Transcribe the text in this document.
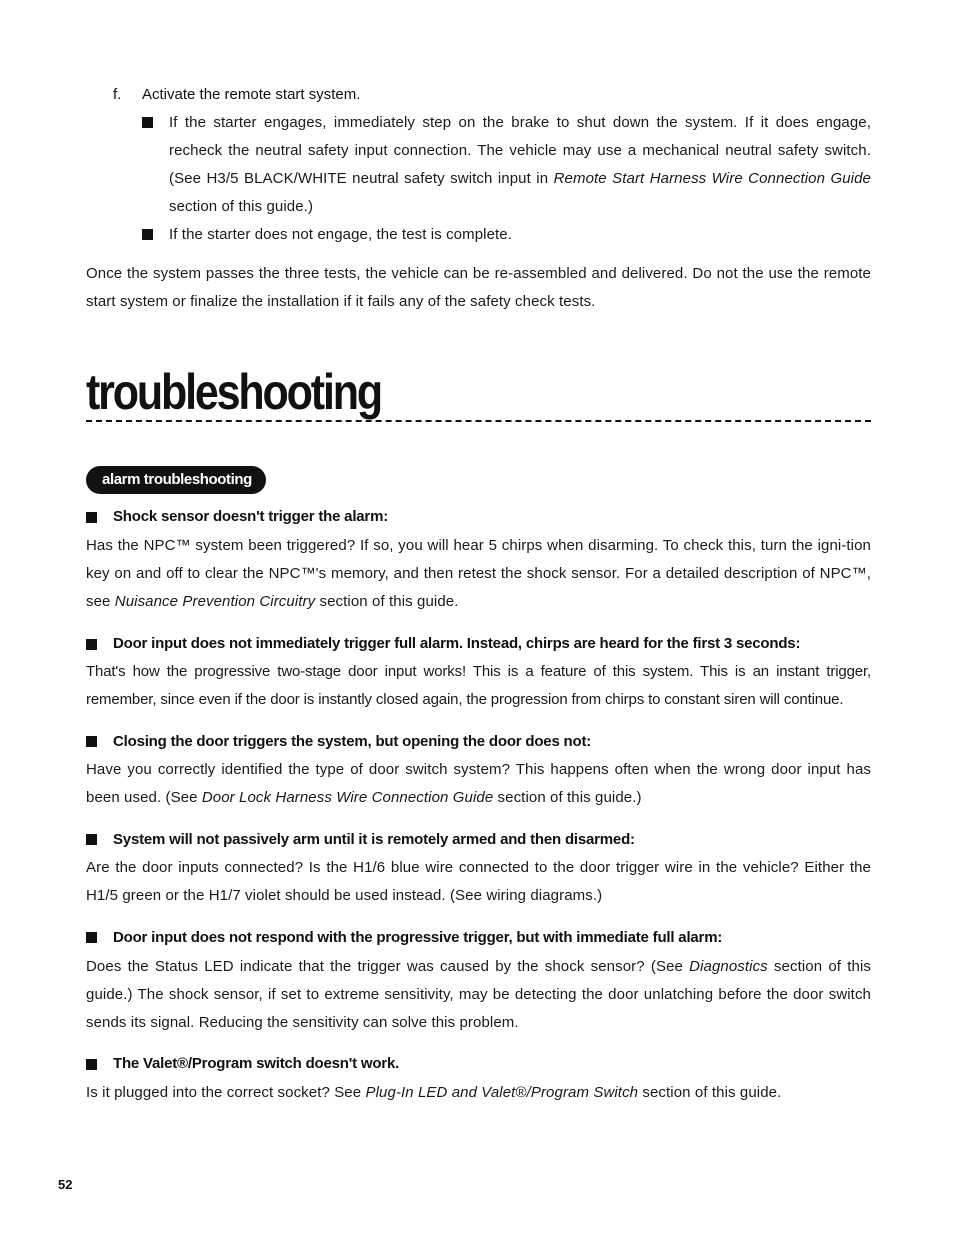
f. Activate the remote start system.
If the starter engages, immediately step on the brake to shut down the system. If it does engage, recheck the neutral safety input connection. The vehicle may use a mechanical neutral safety switch. (See H3/5 BLACK/WHITE neutral safety switch input in Remote Start Harness Wire Connection Guide section of this guide.)
If the starter does not engage, the test is complete.
Once the system passes the three tests, the vehicle can be re-assembled and delivered. Do not the use the remote start system or finalize the installation if it fails any of the safety check tests.
troubleshooting
alarm troubleshooting
Shock sensor doesn't trigger the alarm:
Has the NPC™ system been triggered? If so, you will hear 5 chirps when disarming. To check this, turn the igni-tion key on and off to clear the NPC™'s memory, and then retest the shock sensor. For a detailed description of NPC™, see Nuisance Prevention Circuitry section of this guide.
Door input does not immediately trigger full alarm. Instead, chirps are heard for the first 3 seconds:
That's how the progressive two-stage door input works! This is a feature of this system. This is an instant trigger, remember, since even if the door is instantly closed again, the progression from chirps to constant siren will continue.
Closing the door triggers the system, but opening the door does not:
Have you correctly identified the type of door switch system? This happens often when the wrong door input has been used. (See Door Lock Harness Wire Connection Guide section of this guide.)
System will not passively arm until it is remotely armed and then disarmed:
Are the door inputs connected? Is the H1/6 blue wire connected to the door trigger wire in the vehicle? Either the H1/5 green or the H1/7 violet should be used instead. (See wiring diagrams.)
Door input does not respond with the progressive trigger, but with immediate full alarm:
Does the Status LED indicate that the trigger was caused by the shock sensor? (See Diagnostics section of this guide.) The shock sensor, if set to extreme sensitivity, may be detecting the door unlatching before the door switch sends its signal. Reducing the sensitivity can solve this problem.
The Valet®/Program switch doesn't work.
Is it plugged into the correct socket? See Plug-In LED and Valet®/Program Switch section of this guide.
52
